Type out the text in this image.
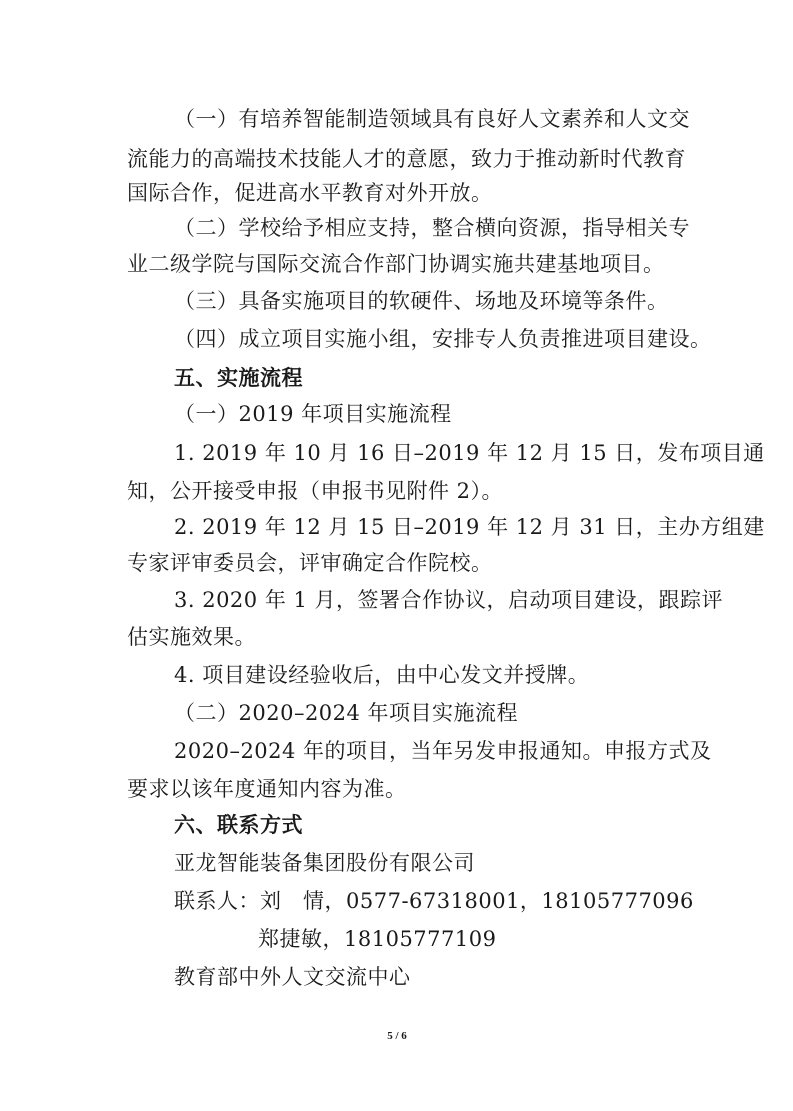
（一）有培养智能制造领域具有良好人文素养和人文交
流能力的高端技术技能人才的意愿，致力于推动新时代教育
国际合作，促进高水平教育对外开放。
（二）学校给予相应支持，整合横向资源，指导相关专
业二级学院与国际交流合作部门协调实施共建基地项目。
（三）具备实施项目的软硬件、场地及环境等条件。
（四）成立项目实施小组，安排专人负责推进项目建设。
五、实施流程
（一）2019 年项目实施流程
1. 2019 年 10 月 16 日–2019 年 12 月 15 日，发布项目通
知，公开接受申报（申报书见附件 2）。
2. 2019 年 12 月 15 日–2019 年 12 月 31 日，主办方组建
专家评审委员会，评审确定合作院校。
3. 2020 年 1 月，签署合作协议，启动项目建设，跟踪评
估实施效果。
4. 项目建设经验收后，由中心发文并授牌。
（二）2020–2024 年项目实施流程
2020–2024 年的项目，当年另发申报通知。申报方式及
要求以该年度通知内容为准。
六、联系方式
亚龙智能装备集团股份有限公司
联系人：刘　情，0577-67318001，18105777096
郑捷敏，18105777109
教育部中外人文交流中心
5 / 6
